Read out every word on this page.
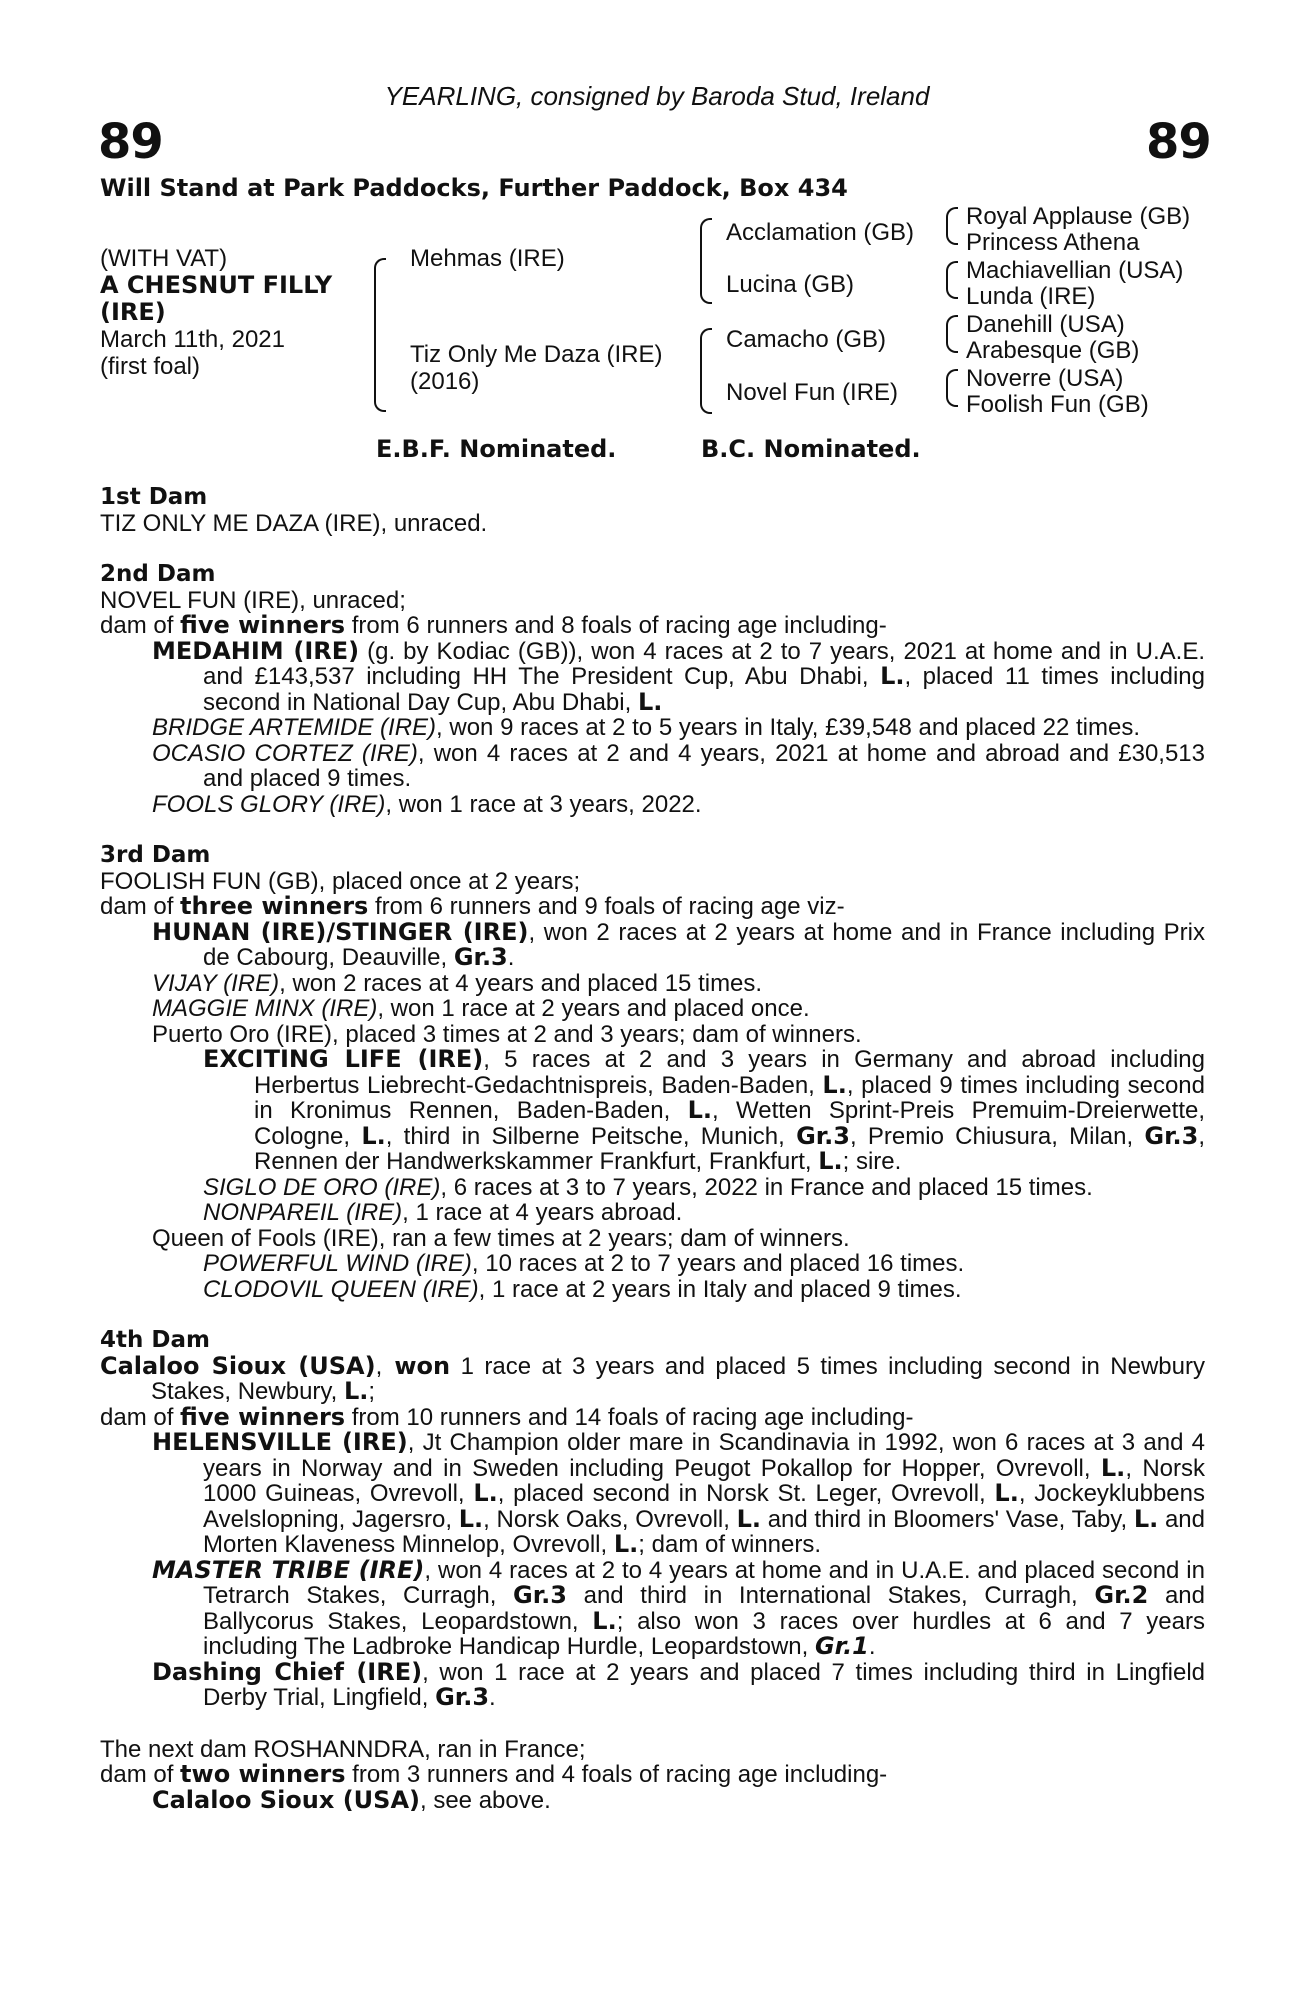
YEARLING, consigned by Baroda Stud, Ireland
89	89
Will Stand at Park Paddocks, Further Paddock, Box 434
(WITH VAT)
A CHESNUT FILLY
(IRE)
March 11th, 2021
(first foal)
Mehmas (IRE)
Tiz Only Me Daza (IRE)
(2016)
Acclamation (GB)
Lucina (GB)
Camacho (GB)
Novel Fun (IRE)
Royal Applause (GB)
Princess Athena
Machiavellian (USA)
Lunda (IRE)
Danehill (USA)
Arabesque (GB)
Noverre (USA)
Foolish Fun (GB)
E.B.F. Nominated.	B.C. Nominated.
1st Dam
TIZ ONLY ME DAZA (IRE), unraced.
2nd Dam
NOVEL FUN (IRE), unraced;
dam of five winners from 6 runners and 8 foals of racing age including-
MEDAHIM (IRE) (g. by Kodiac (GB)), won 4 races at 2 to 7 years, 2021 at home and in U.A.E. and £143,537 including HH The President Cup, Abu Dhabi, L., placed 11 times including second in National Day Cup, Abu Dhabi, L.
BRIDGE ARTEMIDE (IRE), won 9 races at 2 to 5 years in Italy, £39,548 and placed 22 times.
OCASIO CORTEZ (IRE), won 4 races at 2 and 4 years, 2021 at home and abroad and £30,513 and placed 9 times.
FOOLS GLORY (IRE), won 1 race at 3 years, 2022.
3rd Dam
FOOLISH FUN (GB), placed once at 2 years;
dam of three winners from 6 runners and 9 foals of racing age viz-
HUNAN (IRE)/STINGER (IRE), won 2 races at 2 years at home and in France including Prix de Cabourg, Deauville, Gr.3.
VIJAY (IRE), won 2 races at 4 years and placed 15 times.
MAGGIE MINX (IRE), won 1 race at 2 years and placed once.
Puerto Oro (IRE), placed 3 times at 2 and 3 years; dam of winners.
EXCITING LIFE (IRE), 5 races at 2 and 3 years in Germany and abroad including Herbertus Liebrecht-Gedachtnispreis, Baden-Baden, L., placed 9 times including second in Kronimus Rennen, Baden-Baden, L., Wetten Sprint-Preis Premuim-Dreierwette, Cologne, L., third in Silberne Peitsche, Munich, Gr.3, Premio Chiusura, Milan, Gr.3, Rennen der Handwerkskammer Frankfurt, Frankfurt, L.; sire.
SIGLO DE ORO (IRE), 6 races at 3 to 7 years, 2022 in France and placed 15 times.
NONPAREIL (IRE), 1 race at 4 years abroad.
Queen of Fools (IRE), ran a few times at 2 years; dam of winners.
POWERFUL WIND (IRE), 10 races at 2 to 7 years and placed 16 times.
CLODOVIL QUEEN (IRE), 1 race at 2 years in Italy and placed 9 times.
4th Dam
Calaloo Sioux (USA), won 1 race at 3 years and placed 5 times including second in Newbury Stakes, Newbury, L.;
dam of five winners from 10 runners and 14 foals of racing age including-
HELENSVILLE (IRE), Jt Champion older mare in Scandinavia in 1992, won 6 races at 3 and 4 years in Norway and in Sweden including Peugot Pokallop for Hopper, Ovrevoll, L., Norsk 1000 Guineas, Ovrevoll, L., placed second in Norsk St. Leger, Ovrevoll, L., Jockeyklubbens Avelslopning, Jagersro, L., Norsk Oaks, Ovrevoll, L. and third in Bloomers' Vase, Taby, L. and Morten Klaveness Minnelop, Ovrevoll, L.; dam of winners.
MASTER TRIBE (IRE), won 4 races at 2 to 4 years at home and in U.A.E. and placed second in Tetrarch Stakes, Curragh, Gr.3 and third in International Stakes, Curragh, Gr.2 and Ballycorus Stakes, Leopardstown, L.; also won 3 races over hurdles at 6 and 7 years including The Ladbroke Handicap Hurdle, Leopardstown, Gr.1.
Dashing Chief (IRE), won 1 race at 2 years and placed 7 times including third in Lingfield Derby Trial, Lingfield, Gr.3.
The next dam ROSHANNDRA, ran in France;
dam of two winners from 3 runners and 4 foals of racing age including-
Calaloo Sioux (USA), see above.
